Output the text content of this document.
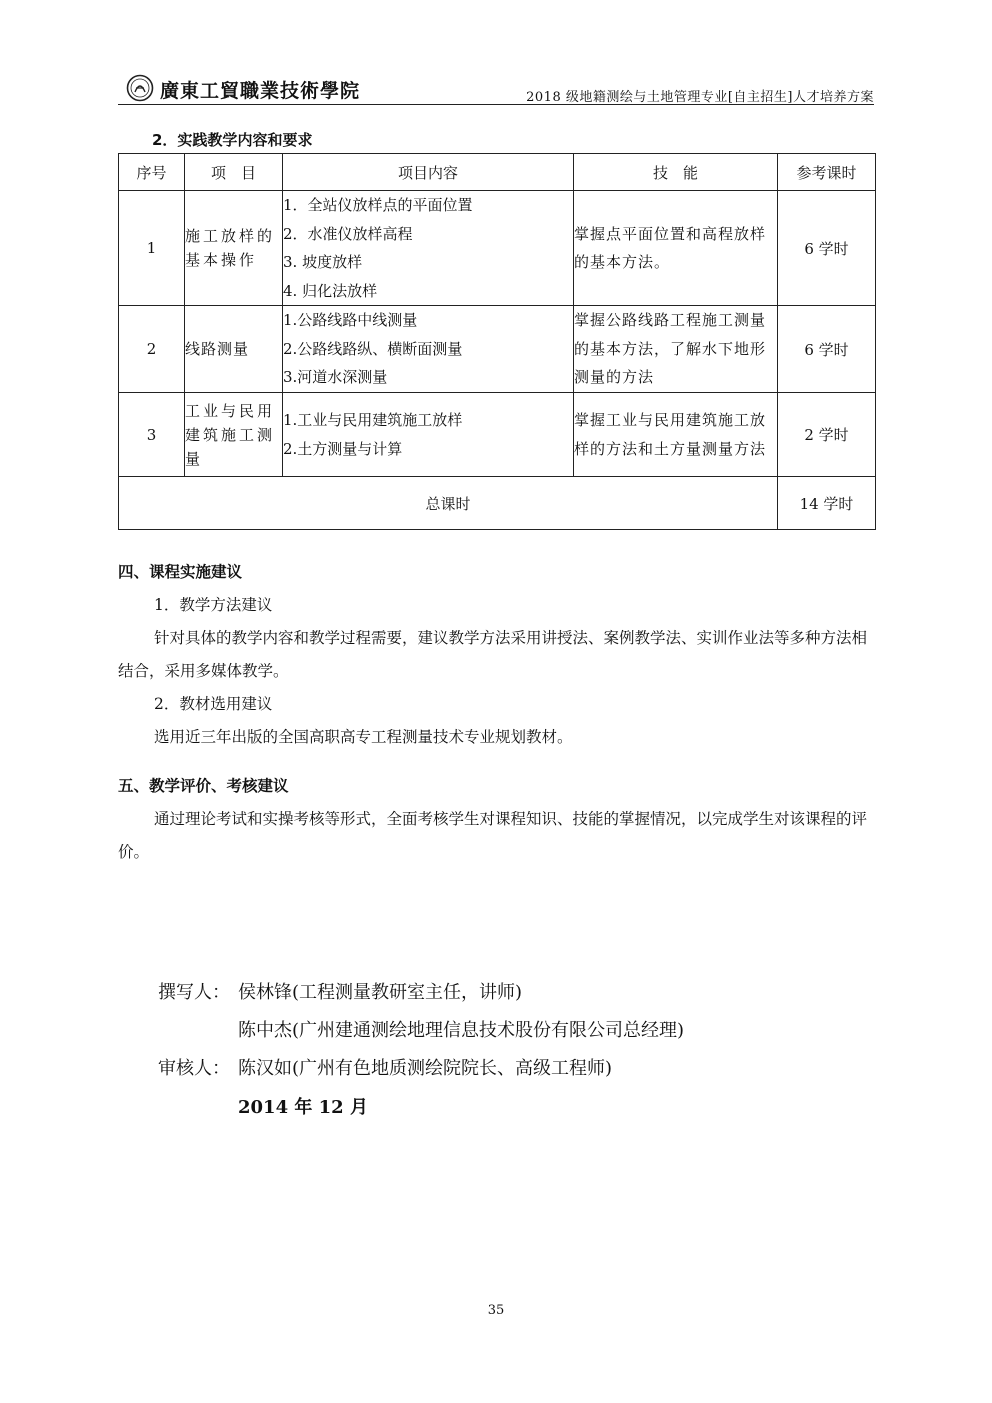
廣東工貿職業技術學院	2018 级地籍测绘与土地管理专业[自主招生]人才培养方案
2．实践教学内容和要求
序号	项　目	项目内容	技　能	参考课时
1	施工放样的基本操作	1．全站仪放样点的平面位置
2．水准仪放样高程
3. 坡度放样
4. 归化法放样	掌握点平面位置和高程放样的基本方法。	6 学时
2	线路测量	1.公路线路中线测量
2.公路线路纵、横断面测量
3.河道水深测量	掌握公路线路工程施工测量的基本方法，了解水下地形测量的方法	6 学时
3	工业与民用建筑施工测量	1.工业与民用建筑施工放样
2.土方测量与计算	掌握工业与民用建筑施工放样的方法和土方量测量方法	2 学时
总课时				14 学时
四、课程实施建议
1．教学方法建议
针对具体的教学内容和教学过程需要，建议教学方法采用讲授法、案例教学法、实训作业法等多种方法相结合，采用多媒体教学。
2．教材选用建议
选用近三年出版的全国高职高专工程测量技术专业规划教材。
五、教学评价、考核建议
通过理论考试和实操考核等形式，全面考核学生对课程知识、技能的掌握情况，以完成学生对该课程的评价。
撰写人： 侯林锋(工程测量教研室主任，讲师)
陈中杰(广州建通测绘地理信息技术股份有限公司总经理)
审核人： 陈汉如(广州有色地质测绘院院长、高级工程师)
2014 年 12 月
35
